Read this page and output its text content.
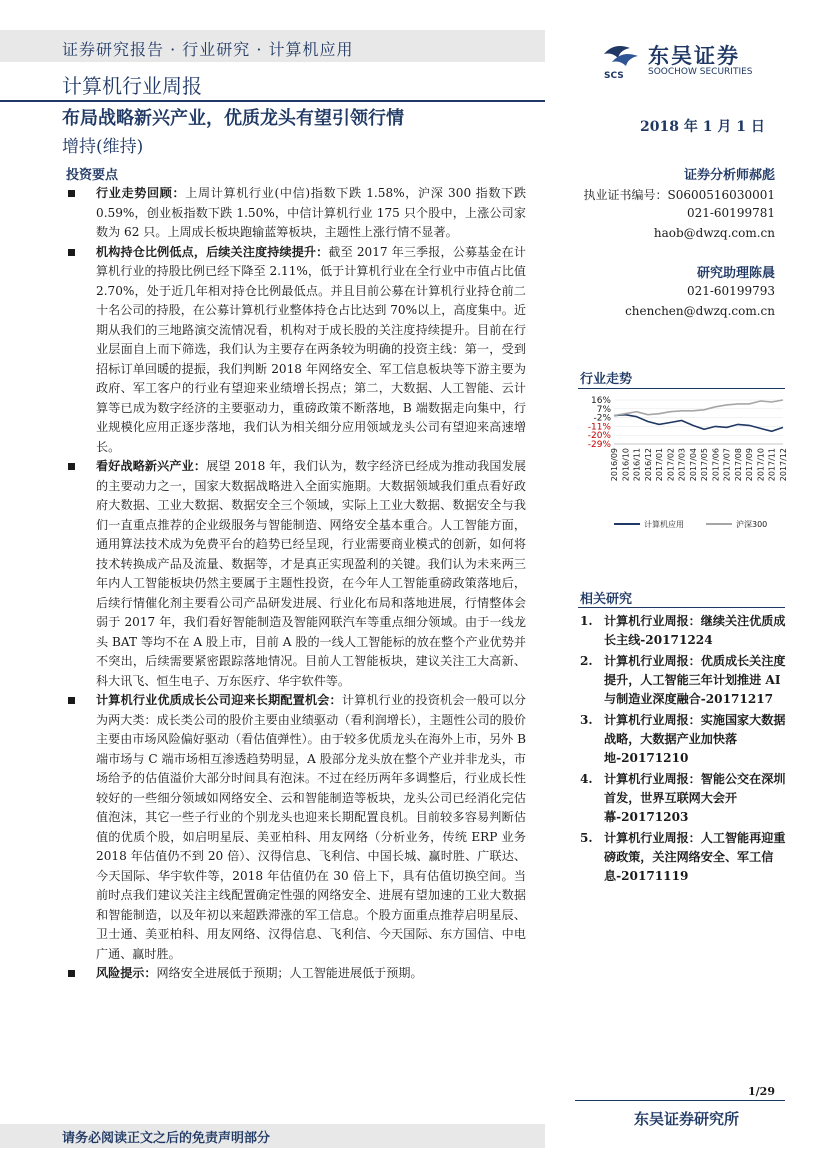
证券研究报告 · 行业研究 · 计算机应用
计算机行业周报	SCS
东吴证券
SOOCHOW SECURITIES
布局战略新兴产业，优质龙头有望引领行情
增持(维持)
2018 年 1 月 1 日
投资要点
行业走势回顾：上周计算机行业(中信)指数下跌 1.58%，沪深 300 指数下跌 0.59%，创业板指数下跌 1.50%，中信计算机行业 175 只个股中，上涨公司家数为 62 只。上周成长板块跑输蓝筹板块，主题性上涨行情不显著。
机构持仓比例低点，后续关注度持续提升：截至 2017 年三季报，公募基金在计算机行业的持股比例已经下降至 2.11%，低于计算机行业在全行业中市值占比值 2.70%，处于近几年相对持仓比例最低点。并且目前公募在计算机行业持仓前二十名公司的持股，在公募计算机行业整体持仓占比达到 70%以上，高度集中。近期从我们的三地路演交流情况看，机构对于成长股的关注度持续提升。目前在行业层面自上而下筛选，我们认为主要存在两条较为明确的投资主线：第一，受到招标订单回暖的提振，我们判断 2018 年网络安全、军工信息板块等下游主要为政府、军工客户的行业有望迎来业绩增长拐点；第二，大数据、人工智能、云计算等已成为数字经济的主要驱动力，重磅政策不断落地，B 端数据走向集中，行业规模化应用正逐步落地，我们认为相关细分应用领域龙头公司有望迎来高速增长。
看好战略新兴产业：展望 2018 年，我们认为，数字经济已经成为推动我国发展的主要动力之一，国家大数据战略进入全面实施期。大数据领域我们重点看好政府大数据、工业大数据、数据安全三个领域，实际上工业大数据、数据安全与我们一直重点推荐的企业级服务与智能制造、网络安全基本重合。人工智能方面，通用算法技术成为免费平台的趋势已经呈现，行业需要商业模式的创新，如何将技术转换成产品及流量、数据等，才是真正实现盈利的关键。我们认为未来两三年内人工智能板块仍然主要属于主题性投资，在今年人工智能重磅政策落地后，后续行情催化剂主要看公司产品研发进展、行业化布局和落地进展，行情整体会弱于 2017 年，我们看好智能制造及智能网联汽车等重点细分领域。由于一线龙头 BAT 等均不在 A 股上市，目前 A 股的一线人工智能标的放在整个产业优势并不突出，后续需要紧密跟踪落地情况。目前人工智能板块，建议关注工大高新、科大讯飞、恒生电子、万东医疗、华宇软件等。
计算机行业优质成长公司迎来长期配置机会：计算机行业的投资机会一般可以分为两大类：成长类公司的股价主要由业绩驱动（看利润增长），主题性公司的股价主要由市场风险偏好驱动（看估值弹性）。由于较多优质龙头在海外上市，另外 B 端市场与 C 端市场相互渗透趋势明显，A 股部分龙头放在整个产业并非龙头，市场给予的估值溢价大部分时间具有泡沫。不过在经历两年多调整后，行业成长性较好的一些细分领域如网络安全、云和智能制造等板块，龙头公司已经消化完估值泡沫，其它一些子行业的个别龙头也迎来长期配置良机。目前较多容易判断估值的优质个股，如启明星辰、美亚柏科、用友网络（分析业务，传统 ERP 业务 2018 年估值仍不到 20 倍）、汉得信息、飞利信、中国长城、赢时胜、广联达、今天国际、华宇软件等，2018 年估值仍在 30 倍上下，具有估值切换空间。当前时点我们建议关注主线配置确定性强的网络安全、进展有望加速的工业大数据和智能制造，以及年初以来超跌滞涨的军工信息。个股方面重点推荐启明星辰、卫士通、美亚柏科、用友网络、汉得信息、飞利信、今天国际、东方国信、中电广通、赢时胜。
风险提示：网络安全进展低于预期；人工智能进展低于预期。
证券分析师郝彪
执业证书编号：S0600516030001
021-60199781
haob@dwzq.com.cn
研究助理陈晨
021-60199793
chenchen@dwzq.com.cn
行业走势
16%
7%
-2%
-11%
-20%
-29%
2016/09 2016/10 2016/11 2016/12 2017/01 2017/02 2017/03 2017/04 2017/05 2017/06 2017/07 2017/08 2017/09 2017/10 2017/11 2017/12
计算机应用	沪深300
相关研究
1. 计算机行业周报：继续关注优质成长主线-20171224
2. 计算机行业周报：优质成长关注度提升，人工智能三年计划推进 AI 与制造业深度融合-20171217
3. 计算机行业周报：实施国家大数据战略，大数据产业加快落地-20171210
4. 计算机行业周报：智能公交在深圳首发，世界互联网大会开幕-20171203
5. 计算机行业周报：人工智能再迎重磅政策，关注网络安全、军工信息-20171119
1/29
东吴证券研究所
请务必阅读正文之后的免责声明部分
